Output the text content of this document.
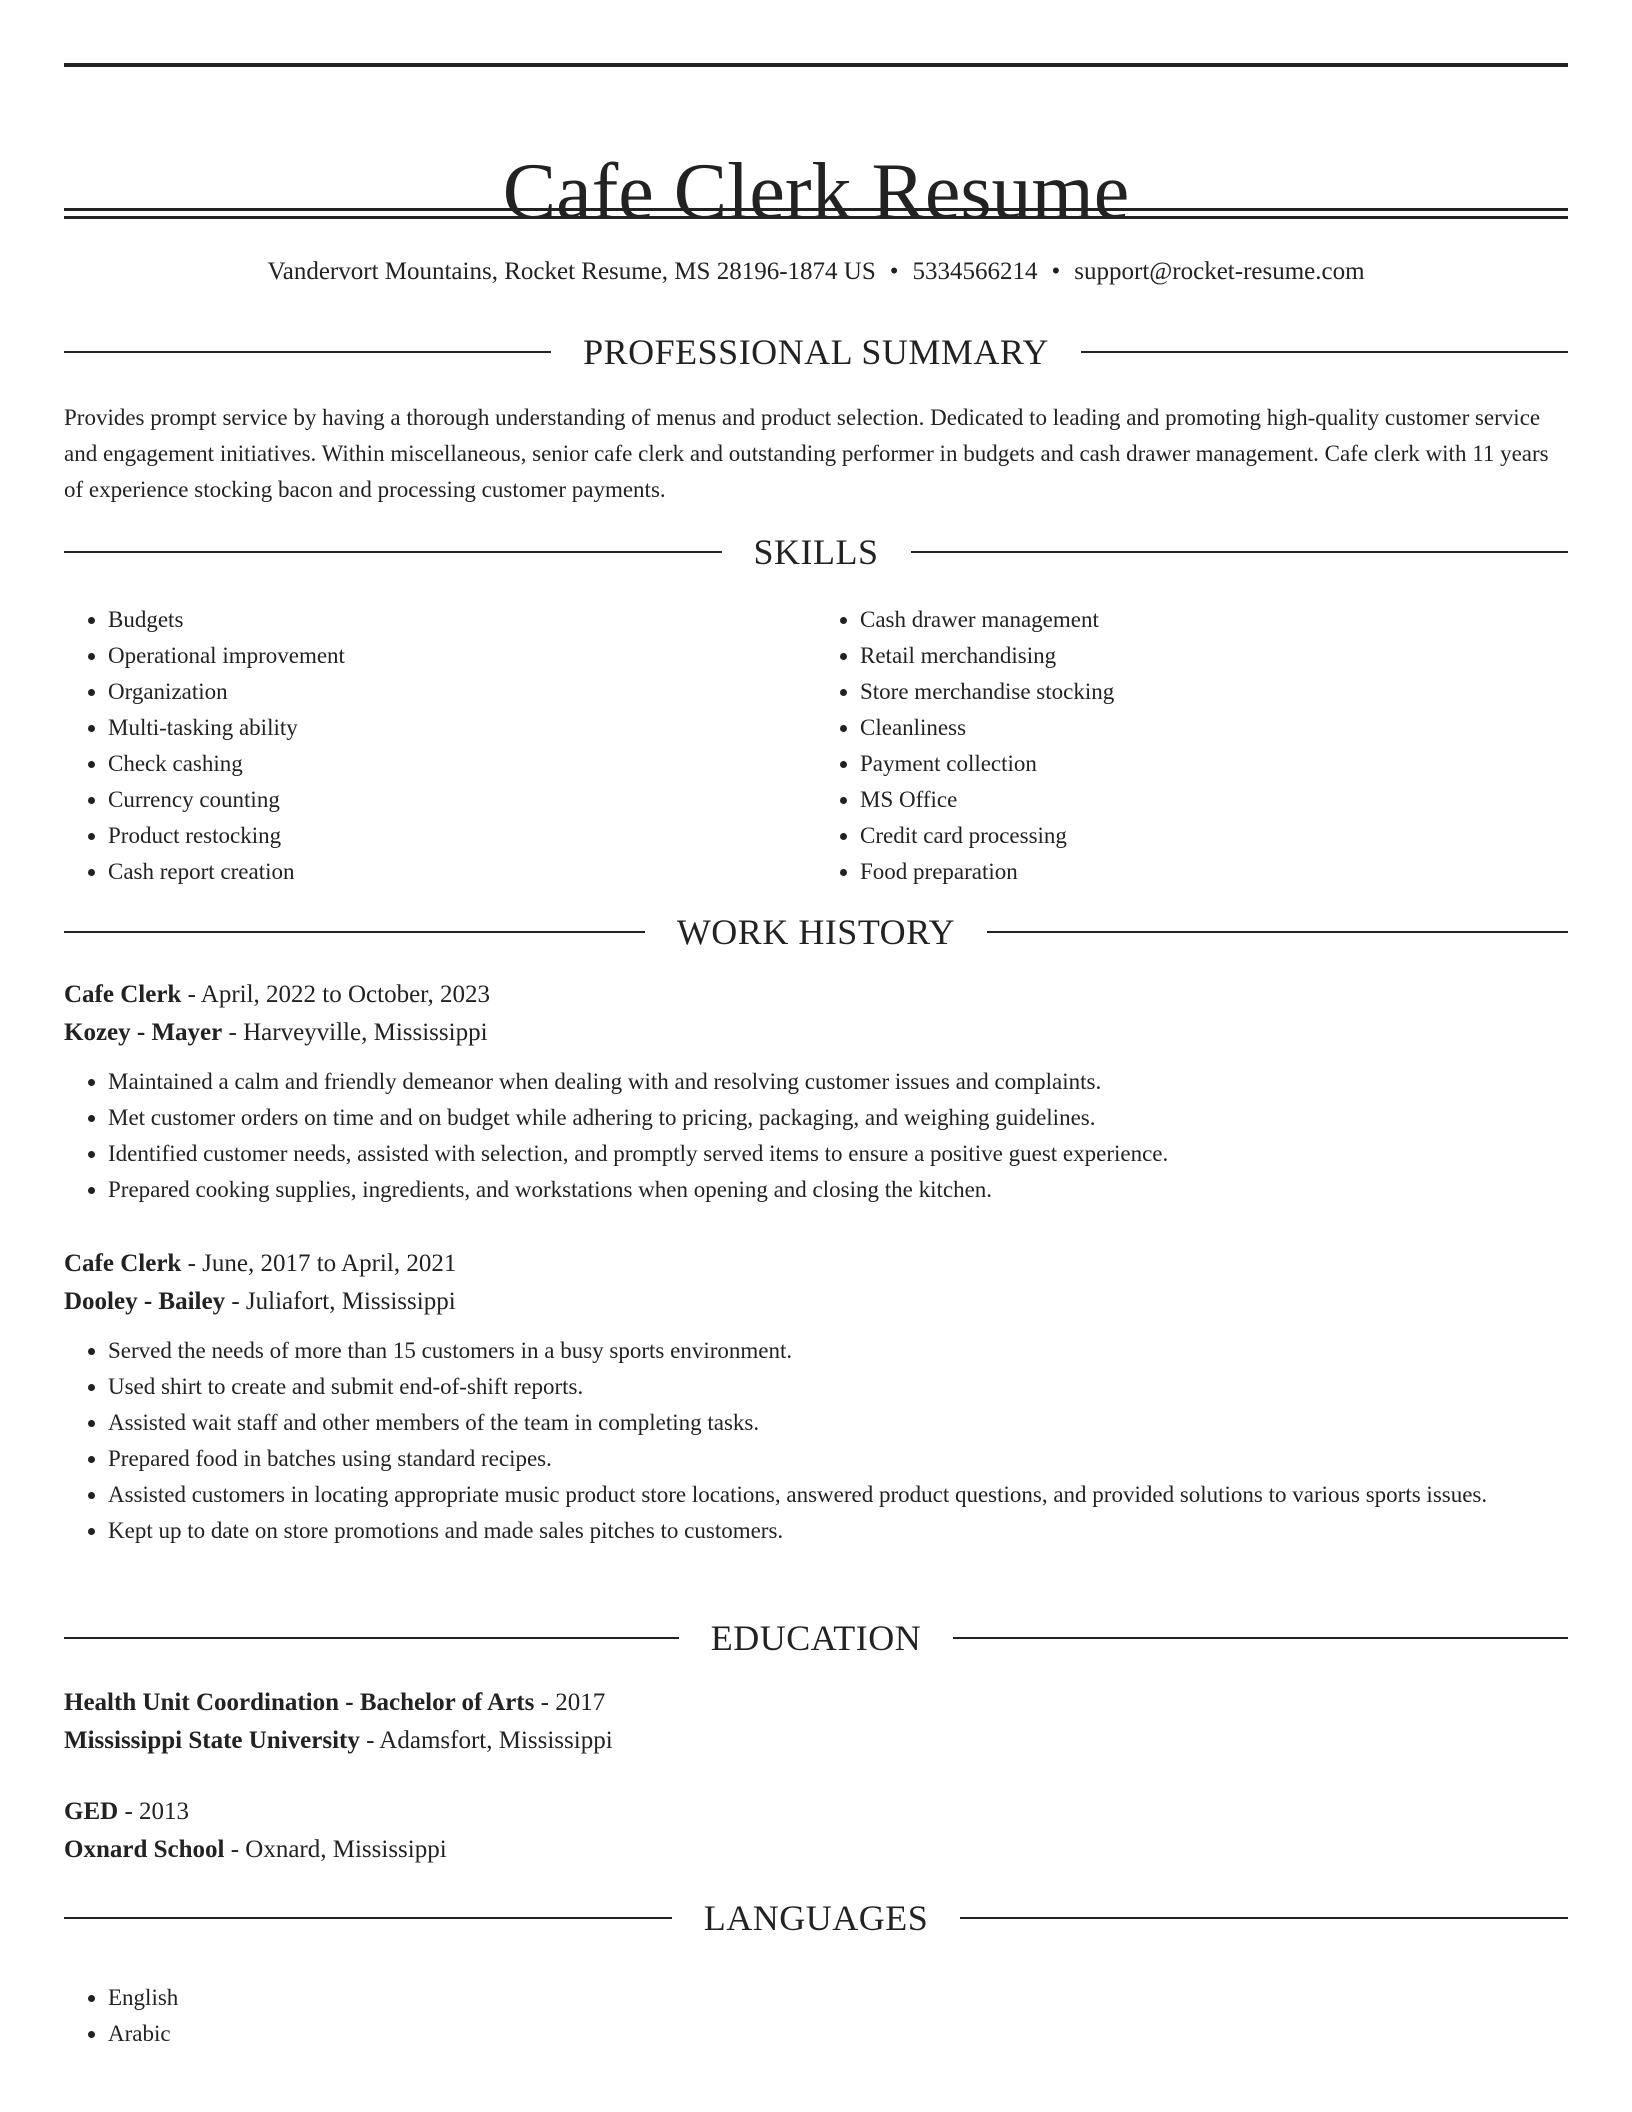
Cafe Clerk Resume
Vandervort Mountains, Rocket Resume, MS 28196-1874 US • 5334566214 • support@rocket-resume.com
PROFESSIONAL SUMMARY

Provides prompt service by having a thorough understanding of menus and product selection. Dedicated to leading and promoting high-quality customer service and engagement initiatives. Within miscellaneous, senior cafe clerk and outstanding performer in budgets and cash drawer management. Cafe clerk with 11 years of experience stocking bacon and processing customer payments.

SKILLS
• Budgets
• Operational improvement
• Organization
• Multi-tasking ability
• Check cashing
• Currency counting
• Product restocking
• Cash report creation
• Cash drawer management
• Retail merchandising
• Store merchandise stocking
• Cleanliness
• Payment collection
• MS Office
• Credit card processing
• Food preparation
WORK HISTORY
Cafe Clerk - April, 2022 to October, 2023
Kozey - Mayer - Harveyville, Mississippi
• Maintained a calm and friendly demeanor when dealing with and resolving customer issues and complaints.
• Met customer orders on time and on budget while adhering to pricing, packaging, and weighing guidelines.
• Identified customer needs, assisted with selection, and promptly served items to ensure a positive guest experience.
• Prepared cooking supplies, ingredients, and workstations when opening and closing the kitchen.
Cafe Clerk - June, 2017 to April, 2021
Dooley - Bailey - Juliafort, Mississippi
• Served the needs of more than 15 customers in a busy sports environment.
• Used shirt to create and submit end-of-shift reports.
• Assisted wait staff and other members of the team in completing tasks.
• Prepared food in batches using standard recipes.
• Assisted customers in locating appropriate music product store locations, answered product questions, and provided solutions to various sports issues.
• Kept up to date on store promotions and made sales pitches to customers.
EDUCATION
Health Unit Coordination - Bachelor of Arts - 2017
Mississippi State University - Adamsfort, Mississippi
GED - 2013
Oxnard School - Oxnard, Mississippi
LANGUAGES
• English
• Arabic
